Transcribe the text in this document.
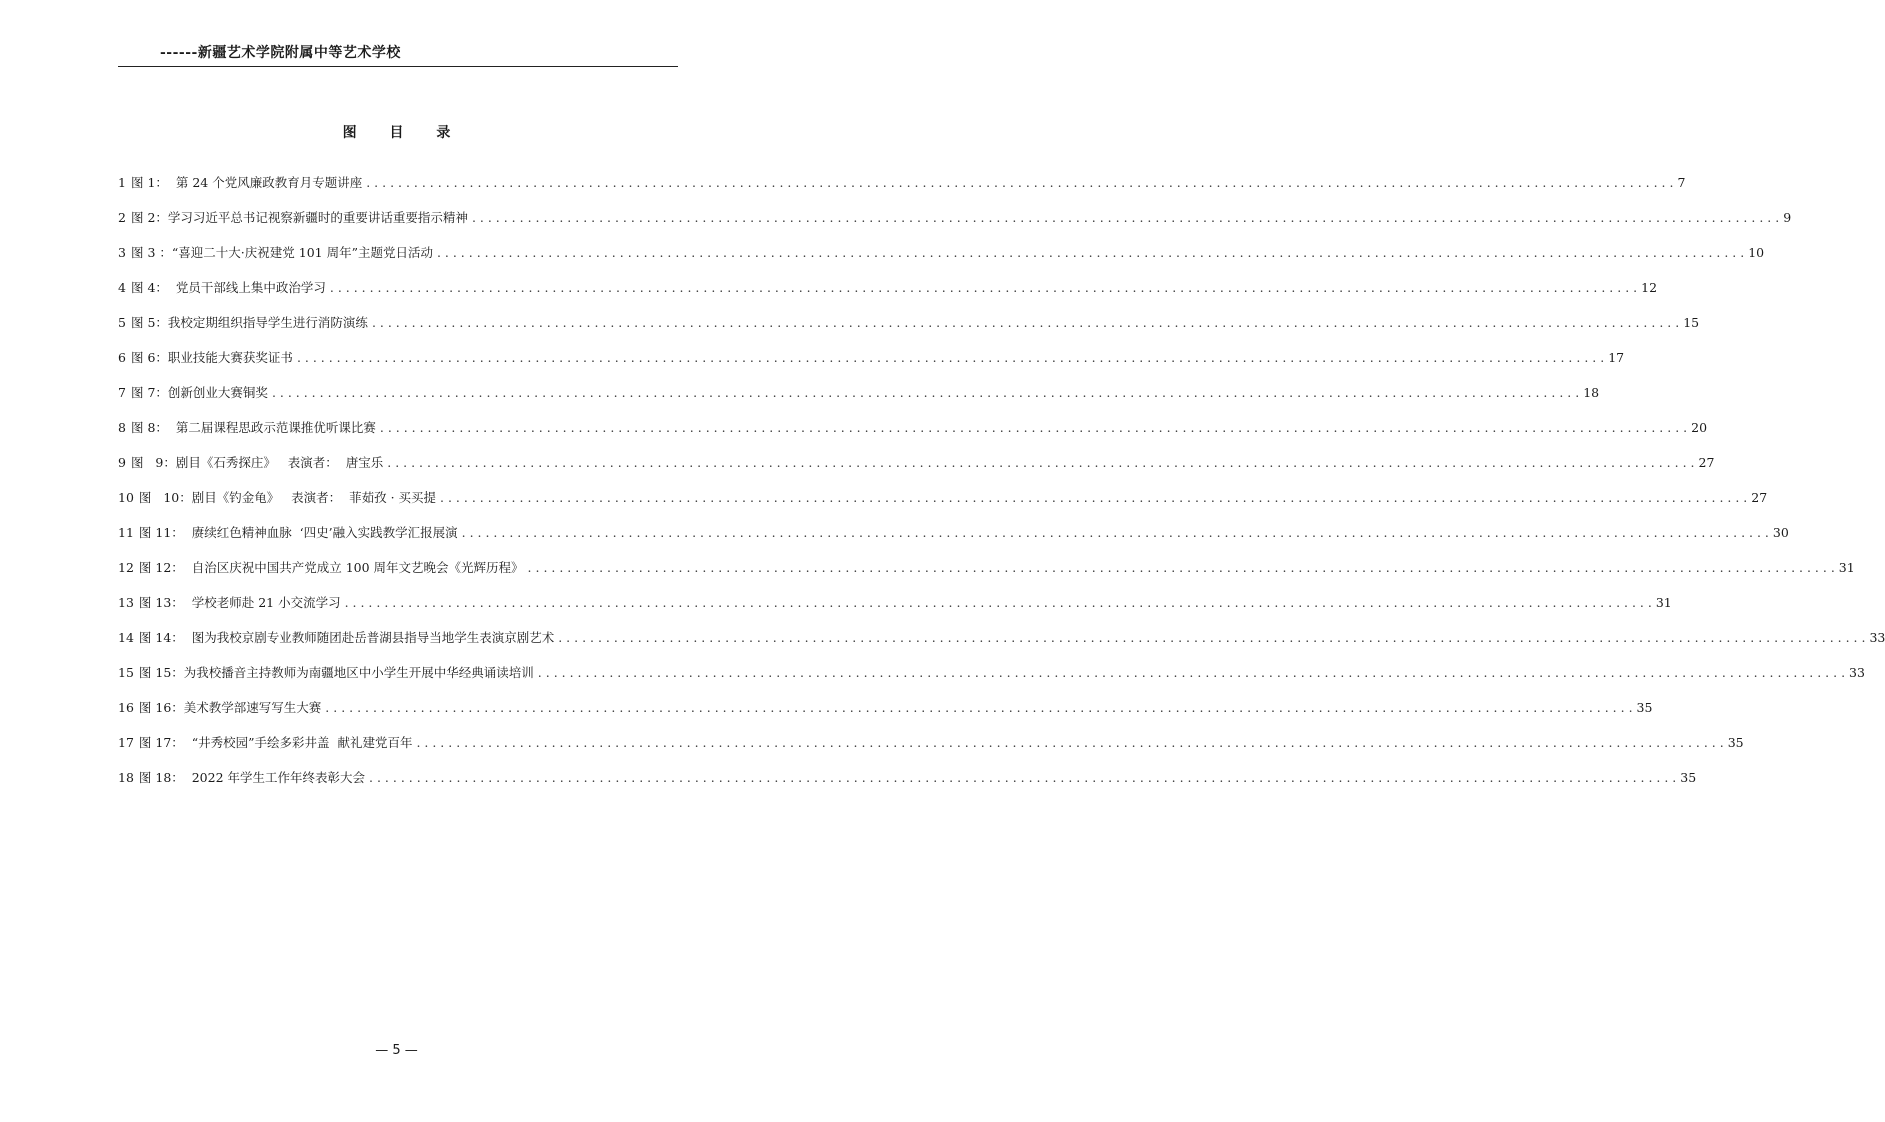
------新疆艺术学院附属中等艺术学校
图 目 录
1 图 1：  第 24 个党风廉政教育月专题讲座 . . .	7
2 图 2：学习习近平总书记视察新疆时的重要讲话重要指示精神 . . .	9
3 图 3 ：“喜迎二十大·庆祝建党 101 周年”主题党日活动 . . .	10
4 图 4：  党员干部线上集中政治学习 . . .	12
5 图 5：我校定期组织指导学生进行消防演练 . . .	15
6 图 6：职业技能大赛获奖证书 . . .	17
7 图 7：创新创业大赛铜奖 . . .	18
8 图 8：  第二届课程思政示范课推优听课比赛 . . .	20
9 图   9：剧目《石秀探庄》   表演者：  唐宝乐 . . .	27
10 图   10：剧目《钓金龟》   表演者：  菲茹孜 · 买买提 . . .	27
11 图 11：  赓续红色精神血脉  ‘四史’融入实践教学汇报展演 . . .	30
12 图 12：  自治区庆祝中国共产党成立 100 周年文艺晚会《光辉历程》 . . .	31
13 图 13：  学校老师赴 21 小交流学习 . . .	31
14 图 14：  图为我校京剧专业教师随团赴岳普湖县指导当地学生表演京剧艺术 . . .	33
15 图 15：为我校播音主持教师为南疆地区中小学生开展中华经典诵读培训 . . .	33
16 图 16：美术教学部速写写生大赛 . . .	35
17 图 17：  “井秀校园”手绘多彩井盖  献礼建党百年 . . .	35
18 图 18：  2022 年学生工作年终表彰大会 . . .	35
— 5 —
